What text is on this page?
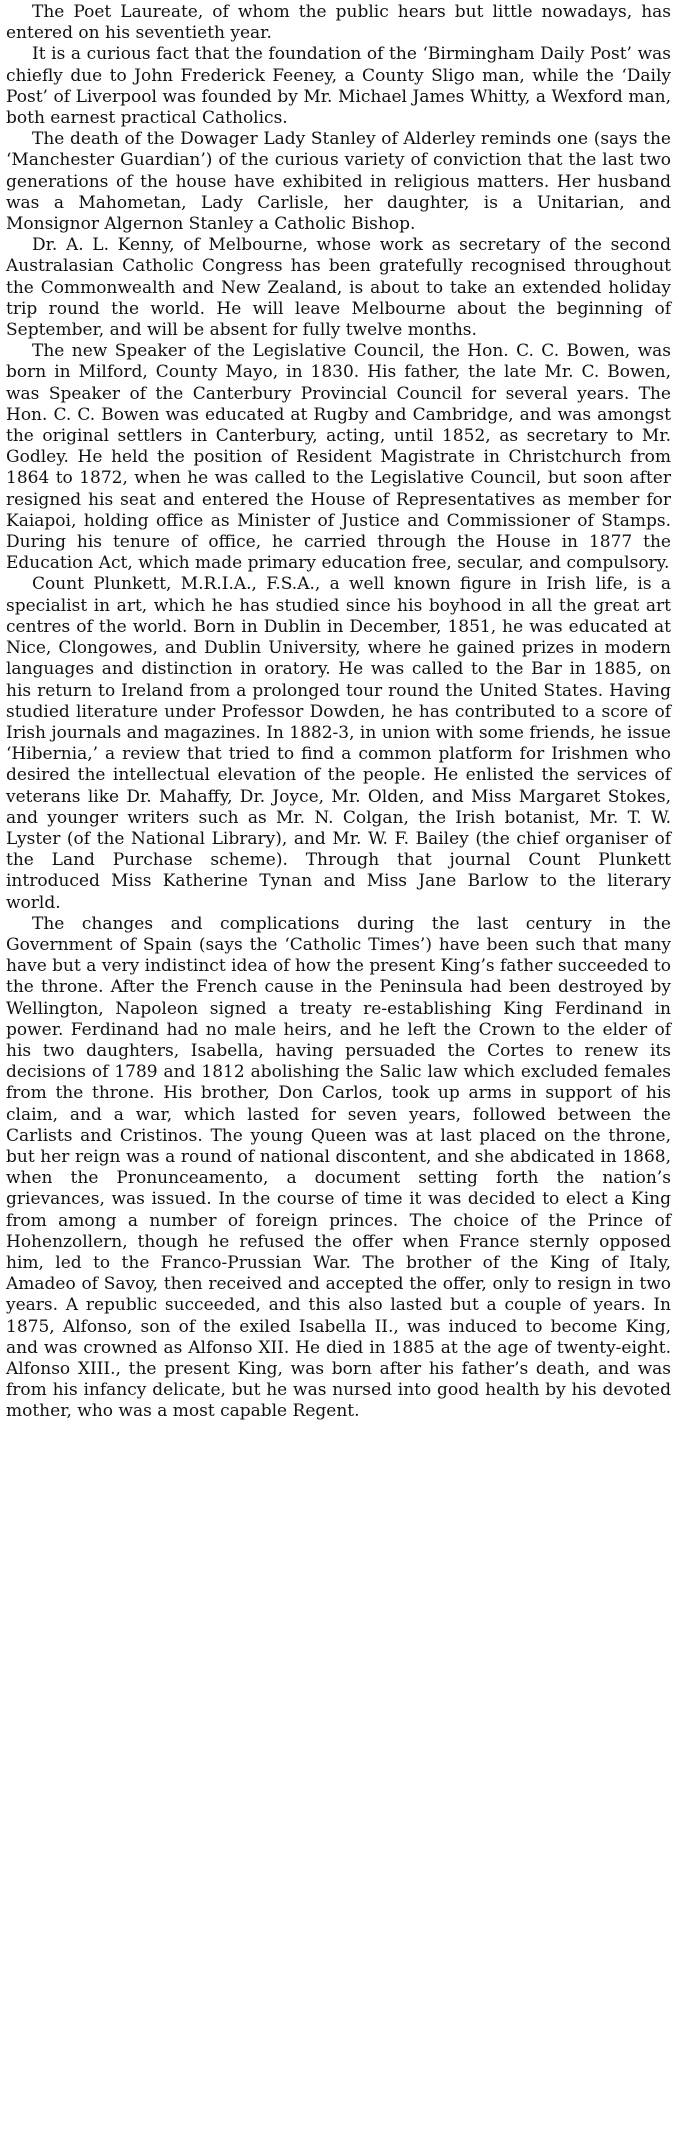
The Poet Laureate, of whom the public hears but little nowadays, has entered on his seventieth year.

It is a curious fact that the foundation of the ‘Birmingham Daily Post’ was chiefly due to John Frederick Feeney, a County Sligo man, while the ‘Daily Post’ of Liverpool was founded by Mr. Michael James Whitty, a Wexford man, both earnest practical Catholics.

The death of the Dowager Lady Stanley of Alderley reminds one (says the ‘Manchester Guardian’) of the curious variety of conviction that the last two generations of the house have exhibited in religious matters. Her husband was a Mahometan, Lady Carlisle, her daughter, is a Unitarian, and Monsignor Algernon Stanley a Catholic Bishop.

Dr. A. L. Kenny, of Melbourne, whose work as secretary of the second Australasian Catholic Congress has been gratefully recognised throughout the Commonwealth and New Zealand, is about to take an extended holiday trip round the world. He will leave Melbourne about the beginning of September, and will be absent for fully twelve months.

The new Speaker of the Legislative Council, the Hon. C. C. Bowen, was born in Milford, County Mayo, in 1830. His father, the late Mr. C. Bowen, was Speaker of the Canterbury Provincial Council for several years. The Hon. C. C. Bowen was educated at Rugby and Cambridge, and was amongst the original settlers in Canterbury, acting, until 1852, as secretary to Mr. Godley. He held the position of Resident Magistrate in Christchurch from 1864 to 1872, when he was called to the Legislative Council, but soon after resigned his seat and entered the House of Representatives as member for Kaiapoi, holding office as Minister of Justice and Commissioner of Stamps. During his tenure of office, he carried through the House in 1877 the Education Act, which made primary education free, secular, and compulsory.

Count Plunkett, M.R.I.A., F.S.A., a well known figure in Irish life, is a specialist in art, which he has studied since his boyhood in all the great art centres of the world. Born in Dublin in December, 1851, he was educated at Nice, Clongowes, and Dublin University, where he gained prizes in modern languages and distinction in oratory. He was called to the Bar in 1885, on his return to Ireland from a prolonged tour round the United States. Having studied literature under Professor Dowden, he has contributed to a score of Irish journals and magazines. In 1882-3, in union with some friends, he issue ‘Hibernia,’ a review that tried to find a common platform for Irishmen who desired the intellectual elevation of the people. He enlisted the services of veterans like Dr. Mahaffy, Dr. Joyce, Mr. Olden, and Miss Margaret Stokes, and younger writers such as Mr. N. Colgan, the Irish botanist, Mr. T. W. Lyster (of the National Library), and Mr. W. F. Bailey (the chief organiser of the Land Purchase scheme). Through that journal Count Plunkett introduced Miss Katherine Tynan and Miss Jane Barlow to the literary world.

The changes and complications during the last century in the Government of Spain (says the ‘Catholic Times’) have been such that many have but a very indistinct idea of how the present King’s father succeeded to the throne. After the French cause in the Peninsula had been destroyed by Wellington, Napoleon signed a treaty re-establishing King Ferdinand in power. Ferdinand had no male heirs, and he left the Crown to the elder of his two daughters, Isabella, having persuaded the Cortes to renew its decisions of 1789 and 1812 abolishing the Salic law which excluded females from the throne. His brother, Don Carlos, took up arms in support of his claim, and a war, which lasted for seven years, followed between the Carlists and Cristinos. The young Queen was at last placed on the throne, but her reign was a round of national discontent, and she abdicated in 1868, when the Pronunceamento, a document setting forth the nation’s grievances, was issued. In the course of time it was decided to elect a King from among a number of foreign princes. The choice of the Prince of Hohenzollern, though he refused the offer when France sternly opposed him, led to the Franco-Prussian War. The brother of the King of Italy, Amadeo of Savoy, then received and accepted the offer, only to resign in two years. A republic succeeded, and this also lasted but a couple of years. In 1875, Alfonso, son of the exiled Isabella II., was induced to become King, and was crowned as Alfonso XII. He died in 1885 at the age of twenty-eight. Alfonso XIII., the present King, was born after his father’s death, and was from his infancy delicate, but he was nursed into good health by his devoted mother, who was a most capable Regent.
